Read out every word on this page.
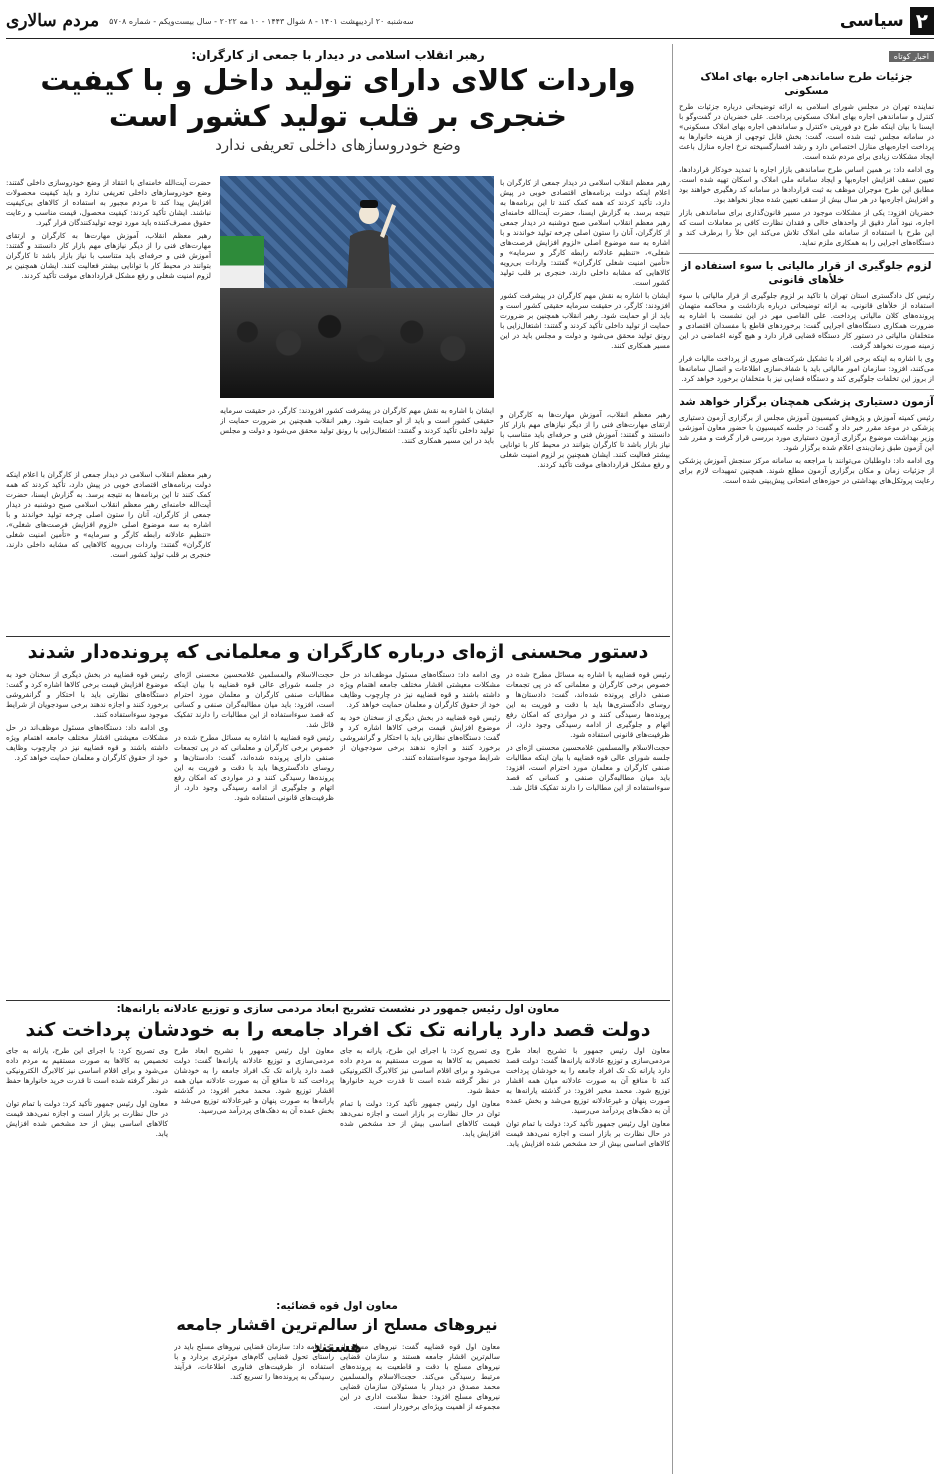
۲
سیاسی
سه‌شنبه ۲۰ اردیبهشت ۱۴۰۱ - ۸ شوال ۱۴۴۳ - ۱۰ مه ۲۰۲۲ - سال بیست‌ویکم - شماره ۵۷۰۸
مردم سالاری
اخبار کوتاه
جزئیات طرح ساماندهی اجاره بهای املاک مسکونی

نماینده تهران در مجلس شورای اسلامی به ارائه توضیحاتی درباره جزئیات طرح کنترل و ساماندهی اجاره بهای املاک مسکونی پرداخت. علی خضریان در گفت‌وگو با ایسنا با بیان اینکه طرح دو فوریتی «کنترل و ساماندهی اجاره بهای املاک مسکونی» در سامانه مجلس ثبت شده است، گفت: بخش قابل توجهی از هزینه خانوارها به پرداخت اجاره‌بهای منازل اختصاص دارد و رشد افسارگسیخته نرخ اجاره منازل باعث ایجاد مشکلات زیادی برای مردم شده است.

وی ادامه داد: بر همین اساس طرح ساماندهی بازار اجاره با تمدید خودکار قراردادها، تعیین سقف افزایش اجاره‌بها و ایجاد سامانه ملی املاک و اسکان تهیه شده است. مطابق این طرح موجران موظف به ثبت قراردادها در سامانه کد رهگیری خواهند بود و افزایش اجاره‌بها در هر سال بیش از سقف تعیین شده مجاز نخواهد بود.

خضریان افزود: یکی از مشکلات موجود در مسیر قانون‌گذاری برای ساماندهی بازار اجاره، نبود آمار دقیق از واحدهای خالی و فقدان نظارت کافی بر معاملات است که این طرح با استفاده از سامانه ملی املاک تلاش می‌کند این خلأ را برطرف کند و دستگاه‌های اجرایی را به همکاری ملزم نماید.

لزوم جلوگیری از قرار مالیاتی با سوء استفاده از خلأهای قانونی

رئیس کل دادگستری استان تهران با تاکید بر لزوم جلوگیری از فرار مالیاتی با سوء استفاده از خلأهای قانونی، به ارائه توضیحاتی درباره بازداشت و محاکمه متهمان پرونده‌های کلان مالیاتی پرداخت. علی القاصی مهر در این نشست با اشاره به ضرورت همکاری دستگاه‌های اجرایی گفت: برخوردهای قاطع با مفسدان اقتصادی و متخلفان مالیاتی در دستور کار دستگاه قضایی قرار دارد و هیچ گونه اغماضی در این زمینه صورت نخواهد گرفت.

وی با اشاره به اینکه برخی افراد با تشکیل شرکت‌های صوری از پرداخت مالیات فرار می‌کنند، افزود: سازمان امور مالیاتی باید با شفاف‌سازی اطلاعات و اتصال سامانه‌ها از بروز این تخلفات جلوگیری کند و دستگاه قضایی نیز با متخلفان برخورد خواهد کرد.

آزمون دستیاری پزشکی همچنان برگزار خواهد شد

رئیس کمیته آموزش و پژوهش کمیسیون آموزش مجلس از برگزاری آزمون دستیاری پزشکی در موعد مقرر خبر داد و گفت: در جلسه کمیسیون با حضور معاون آموزشی وزیر بهداشت موضوع برگزاری آزمون دستیاری مورد بررسی قرار گرفت و مقرر شد این آزمون طبق زمان‌بندی اعلام شده برگزار شود.

وی ادامه داد: داوطلبان می‌توانند با مراجعه به سامانه مرکز سنجش آموزش پزشکی از جزئیات زمان و مکان برگزاری آزمون مطلع شوند. همچنین تمهیدات لازم برای رعایت پروتکل‌های بهداشتی در حوزه‌های امتحانی پیش‌بینی شده است.

رهبر انقلاب اسلامی در دیدار با جمعی از کارگران:
واردات کالای دارای تولید داخل و با کیفیت
خنجری بر قلب تولید کشور است
وضع خودروسازهای داخلی تعریفی ندارد

رهبر معظم انقلاب اسلامی در دیدار جمعی از کارگران با اعلام اینکه دولت برنامه‌های اقتصادی خوبی در پیش دارد، تأکید کردند که همه کمک کنند تا این برنامه‌ها به نتیجه برسد. به گزارش ایسنا، حضرت آیت‌الله خامنه‌ای رهبر معظم انقلاب اسلامی صبح دوشنبه در دیدار جمعی از کارگران، آنان را ستون اصلی چرخه تولید خواندند و با اشاره به سه موضوع اصلی «لزوم افزایش فرصت‌های شغلی»، «تنظیم عادلانه رابطه کارگر و سرمایه» و «تأمین امنیت شغلی کارگران» گفتند: واردات بی‌رویه کالاهایی که مشابه داخلی دارند، خنجری بر قلب تولید کشور است.

ایشان با اشاره به نقش مهم کارگران در پیشرفت کشور افزودند: کارگر، در حقیقت سرمایه حقیقی کشور است و باید از او حمایت شود. رهبر انقلاب همچنین بر ضرورت حمایت از تولید داخلی تأکید کردند و گفتند: اشتغال‌زایی با رونق تولید محقق می‌شود و دولت و مجلس باید در این مسیر همکاری کنند.

حضرت آیت‌الله خامنه‌ای با انتقاد از وضع خودروسازی داخلی گفتند: وضع خودروسازهای داخلی تعریفی ندارد و باید کیفیت محصولات افزایش پیدا کند تا مردم مجبور به استفاده از کالاهای بی‌کیفیت نباشند. ایشان تأکید کردند: کیفیت محصول، قیمت مناسب و رعایت حقوق مصرف‌کننده باید مورد توجه تولیدکنندگان قرار گیرد.

رهبر معظم انقلاب، آموزش مهارت‌ها به کارگران و ارتقای مهارت‌های فنی را از دیگر نیازهای مهم بازار کار دانستند و گفتند: آموزش فنی و حرفه‌ای باید متناسب با نیاز بازار باشد تا کارگران بتوانند در محیط کار با توانایی بیشتر فعالیت کنند. ایشان همچنین بر لزوم امنیت شغلی و رفع مشکل قراردادهای موقت تأکید کردند.

ایشان با اشاره به نقش مهم کارگران در پیشرفت کشور افزودند: کارگر، در حقیقت سرمایه حقیقی کشور است و باید از او حمایت شود. رهبر انقلاب همچنین بر ضرورت حمایت از تولید داخلی تأکید کردند و گفتند: اشتغال‌زایی با رونق تولید محقق می‌شود و دولت و مجلس باید در این مسیر همکاری کنند.

رهبر معظم انقلاب، آموزش مهارت‌ها به کارگران و ارتقای مهارت‌های فنی را از دیگر نیازهای مهم بازار کار دانستند و گفتند: آموزش فنی و حرفه‌ای باید متناسب با نیاز بازار باشد تا کارگران بتوانند در محیط کار با توانایی بیشتر فعالیت کنند. ایشان همچنین بر لزوم امنیت شغلی و رفع مشکل قراردادهای موقت تأکید کردند.

رهبر معظم انقلاب اسلامی در دیدار جمعی از کارگران با اعلام اینکه دولت برنامه‌های اقتصادی خوبی در پیش دارد، تأکید کردند که همه کمک کنند تا این برنامه‌ها به نتیجه برسد. به گزارش ایسنا، حضرت آیت‌الله خامنه‌ای رهبر معظم انقلاب اسلامی صبح دوشنبه در دیدار جمعی از کارگران، آنان را ستون اصلی چرخه تولید خواندند و با اشاره به سه موضوع اصلی «لزوم افزایش فرصت‌های شغلی»، «تنظیم عادلانه رابطه کارگر و سرمایه» و «تأمین امنیت شغلی کارگران» گفتند: واردات بی‌رویه کالاهایی که مشابه داخلی دارند، خنجری بر قلب تولید کشور است.

دستور محسنی اژه‌ای درباره کارگران و معلمانی که پرونده‌دار شدند

رئیس قوه قضاییه با اشاره به مسائل مطرح شده در خصوص برخی کارگران و معلمانی که در پی تجمعات صنفی دارای پرونده شده‌اند، گفت: دادستان‌ها و روسای دادگستری‌ها باید با دقت و فوریت به این پرونده‌ها رسیدگی کنند و در مواردی که امکان رفع اتهام و جلوگیری از ادامه رسیدگی وجود دارد، از ظرفیت‌های قانونی استفاده شود.

حجت‌الاسلام والمسلمین غلامحسین محسنی اژه‌ای در جلسه شورای عالی قوه قضاییه با بیان اینکه مطالبات صنفی کارگران و معلمان مورد احترام است، افزود: باید میان مطالبه‌گران صنفی و کسانی که قصد سوءاستفاده از این مطالبات را دارند تفکیک قائل شد.

وی ادامه داد: دستگاه‌های مسئول موظف‌اند در حل مشکلات معیشتی اقشار مختلف جامعه اهتمام ویژه داشته باشند و قوه قضاییه نیز در چارچوب وظایف خود از حقوق کارگران و معلمان حمایت خواهد کرد.

رئیس قوه قضاییه در بخش دیگری از سخنان خود به موضوع افزایش قیمت برخی کالاها اشاره کرد و گفت: دستگاه‌های نظارتی باید با احتکار و گرانفروشی برخورد کنند و اجازه ندهند برخی سودجویان از شرایط موجود سوءاستفاده کنند.

حجت‌الاسلام والمسلمین غلامحسین محسنی اژه‌ای در جلسه شورای عالی قوه قضاییه با بیان اینکه مطالبات صنفی کارگران و معلمان مورد احترام است، افزود: باید میان مطالبه‌گران صنفی و کسانی که قصد سوءاستفاده از این مطالبات را دارند تفکیک قائل شد.

رئیس قوه قضاییه با اشاره به مسائل مطرح شده در خصوص برخی کارگران و معلمانی که در پی تجمعات صنفی دارای پرونده شده‌اند، گفت: دادستان‌ها و روسای دادگستری‌ها باید با دقت و فوریت به این پرونده‌ها رسیدگی کنند و در مواردی که امکان رفع اتهام و جلوگیری از ادامه رسیدگی وجود دارد، از ظرفیت‌های قانونی استفاده شود.

رئیس قوه قضاییه در بخش دیگری از سخنان خود به موضوع افزایش قیمت برخی کالاها اشاره کرد و گفت: دستگاه‌های نظارتی باید با احتکار و گرانفروشی برخورد کنند و اجازه ندهند برخی سودجویان از شرایط موجود سوءاستفاده کنند.

وی ادامه داد: دستگاه‌های مسئول موظف‌اند در حل مشکلات معیشتی اقشار مختلف جامعه اهتمام ویژه داشته باشند و قوه قضاییه نیز در چارچوب وظایف خود از حقوق کارگران و معلمان حمایت خواهد کرد.

معاون اول رئیس جمهور در نشست تشریح ابعاد مردمی سازی و توزیع عادلانه یارانه‌ها:
دولت قصد دارد یارانه تک تک افراد جامعه را به خودشان پرداخت کند

معاون اول رئیس جمهور با تشریح ابعاد طرح مردمی‌سازی و توزیع عادلانه یارانه‌ها گفت: دولت قصد دارد یارانه تک تک افراد جامعه را به خودشان پرداخت کند تا منافع آن به صورت عادلانه میان همه اقشار توزیع شود. محمد مخبر افزود: در گذشته یارانه‌ها به صورت پنهان و غیرعادلانه توزیع می‌شد و بخش عمده آن به دهک‌های پردرآمد می‌رسید.

معاون اول رئیس جمهور تأکید کرد: دولت با تمام توان در حال نظارت بر بازار است و اجازه نمی‌دهد قیمت کالاهای اساسی بیش از حد مشخص شده افزایش یابد.

وی تصریح کرد: با اجرای این طرح، یارانه به جای تخصیص به کالاها به صورت مستقیم به مردم داده می‌شود و برای اقلام اساسی نیز کالابرگ الکترونیکی در نظر گرفته شده است تا قدرت خرید خانوارها حفظ شود.

معاون اول رئیس جمهور تأکید کرد: دولت با تمام توان در حال نظارت بر بازار است و اجازه نمی‌دهد قیمت کالاهای اساسی بیش از حد مشخص شده افزایش یابد.

معاون اول رئیس جمهور با تشریح ابعاد طرح مردمی‌سازی و توزیع عادلانه یارانه‌ها گفت: دولت قصد دارد یارانه تک تک افراد جامعه را به خودشان پرداخت کند تا منافع آن به صورت عادلانه میان همه اقشار توزیع شود. محمد مخبر افزود: در گذشته یارانه‌ها به صورت پنهان و غیرعادلانه توزیع می‌شد و بخش عمده آن به دهک‌های پردرآمد می‌رسید.

وی تصریح کرد: با اجرای این طرح، یارانه به جای تخصیص به کالاها به صورت مستقیم به مردم داده می‌شود و برای اقلام اساسی نیز کالابرگ الکترونیکی در نظر گرفته شده است تا قدرت خرید خانوارها حفظ شود.

معاون اول رئیس جمهور تأکید کرد: دولت با تمام توان در حال نظارت بر بازار است و اجازه نمی‌دهد قیمت کالاهای اساسی بیش از حد مشخص شده افزایش یابد.

معاون اول قوه قضائیه:
نیروهای مسلح از سالم‌ترین اقشار جامعه هستند

معاون اول قوه قضاییه گفت: نیروهای مسلح از سالم‌ترین اقشار جامعه هستند و سازمان قضایی نیروهای مسلح با دقت و قاطعیت به پرونده‌های مرتبط رسیدگی می‌کند. حجت‌الاسلام والمسلمین محمد مصدق در دیدار با مسئولان سازمان قضایی نیروهای مسلح افزود: حفظ سلامت اداری در این مجموعه از اهمیت ویژه‌ای برخوردار است.

وی ادامه داد: سازمان قضایی نیروهای مسلح باید در راستای تحول قضایی گام‌های موثرتری بردارد و با استفاده از ظرفیت‌های فناوری اطلاعات، فرآیند رسیدگی به پرونده‌ها را تسریع کند.
